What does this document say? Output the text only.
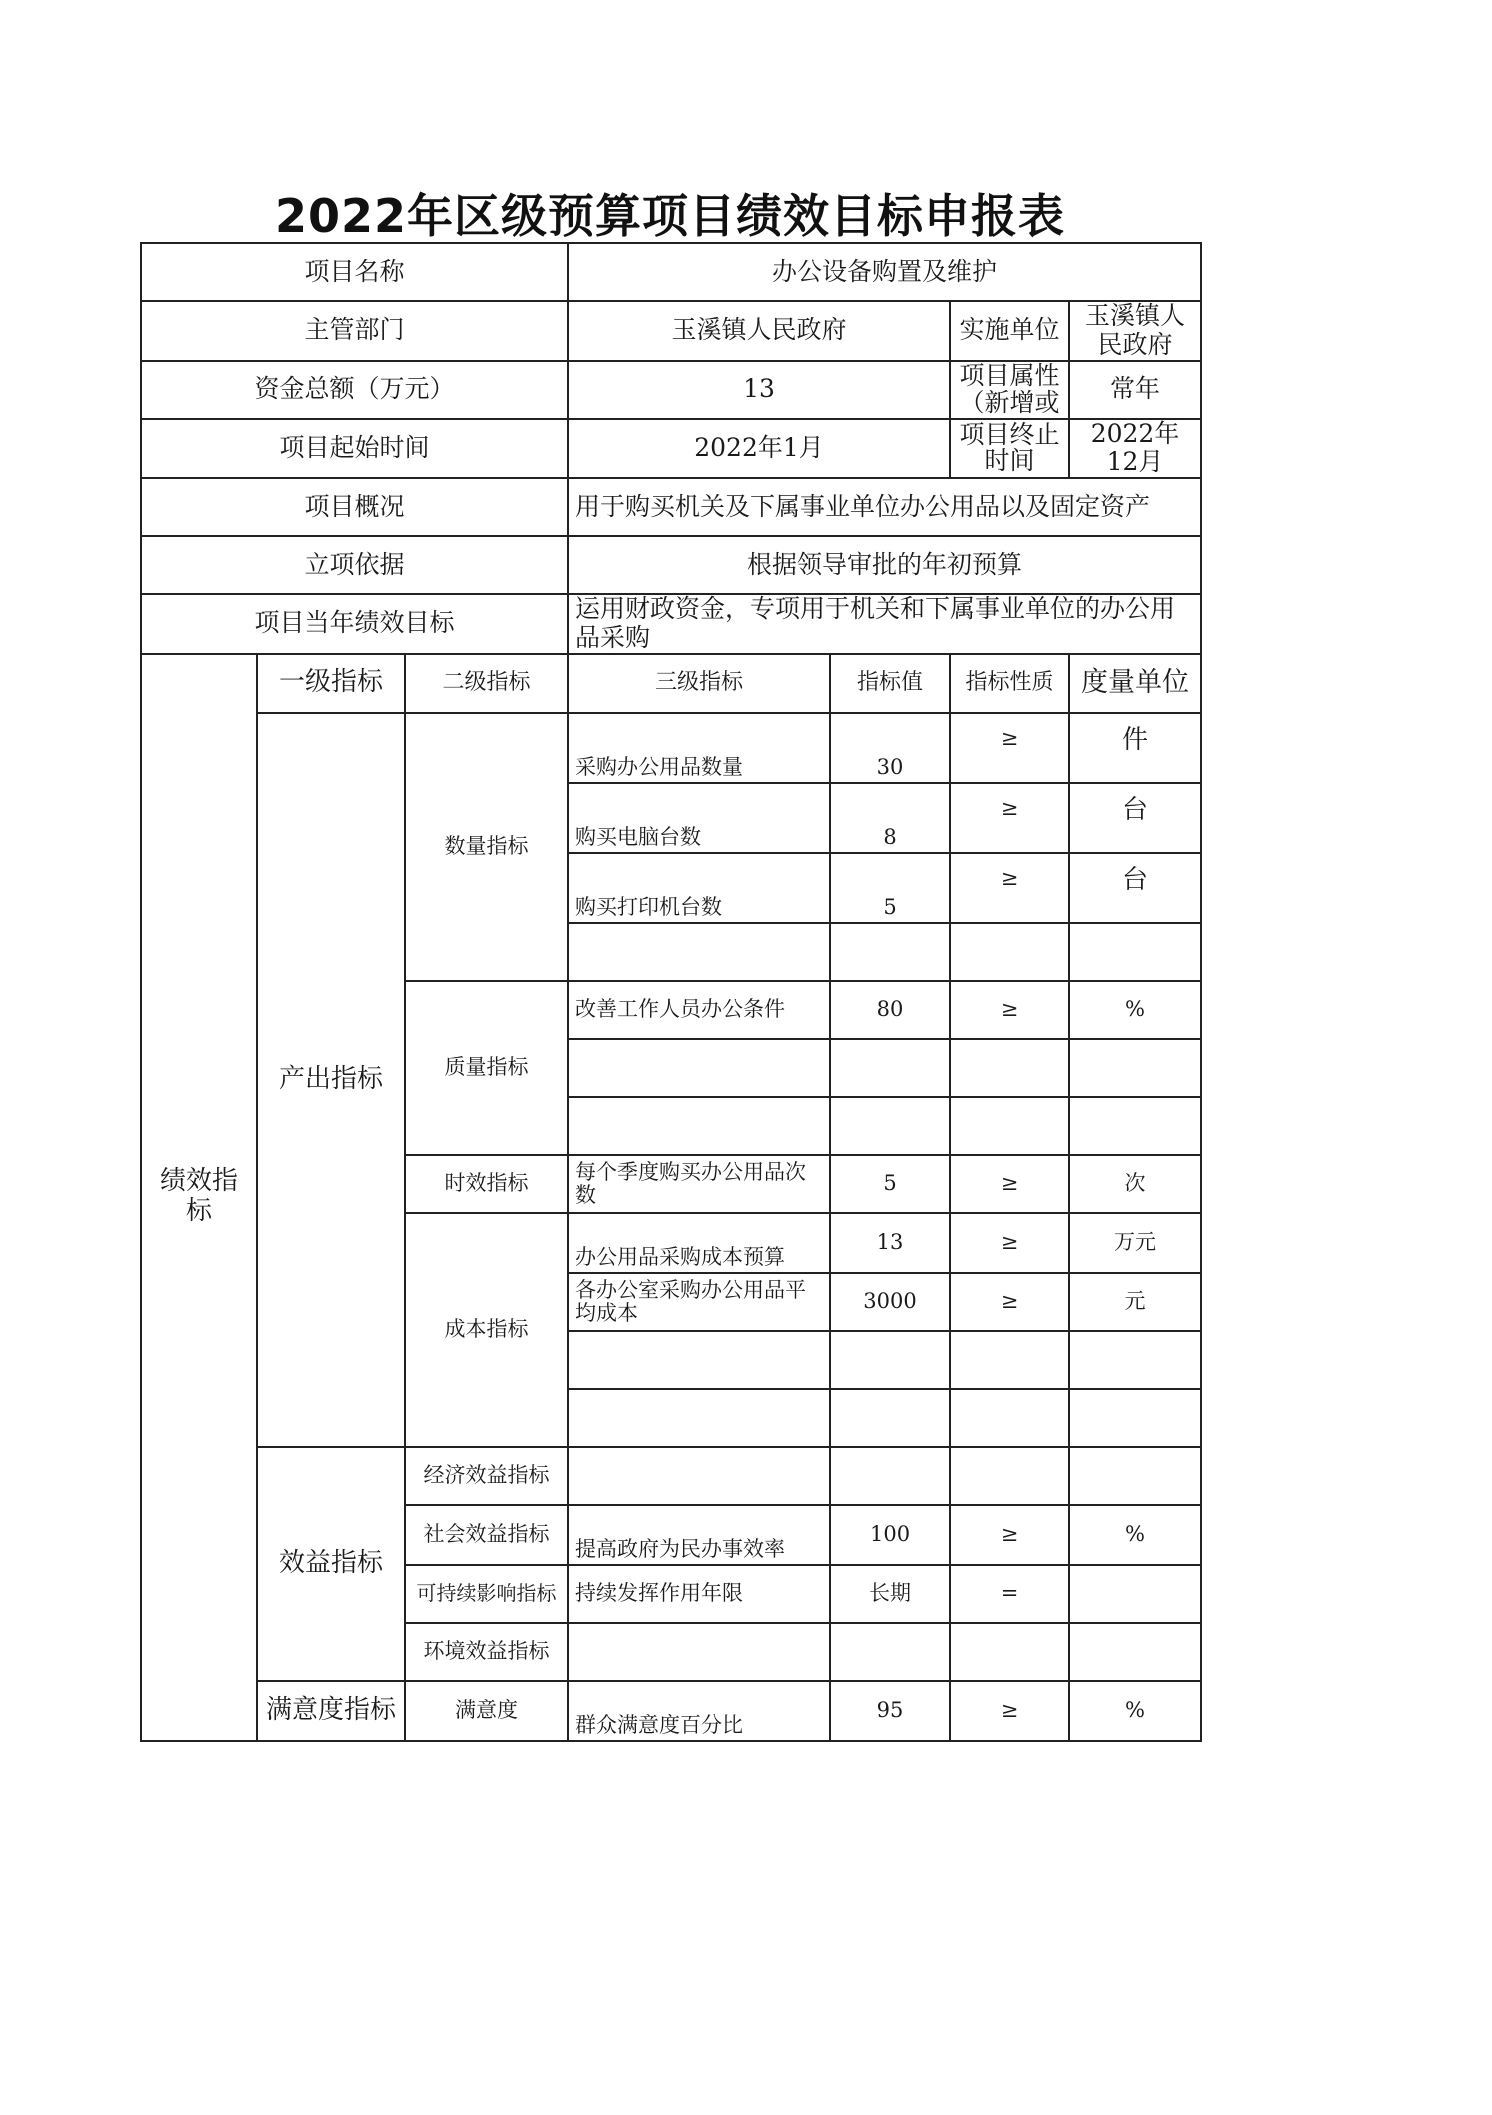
2022年区级预算项目绩效目标申报表
项目名称			办公设备购置及维护			
主管部门			玉溪镇人民政府		实施单位	玉溪镇人民政府
资金总额（万元）			13		项目属性（新增或	常年
项目起始时间			2022年1月		项目终止时间	2022年12月
项目概况			用于购买机关及下属事业单位办公用品以及固定资产			
立项依据			根据领导审批的年初预算			
项目当年绩效目标			运用财政资金，专项用于机关和下属事业单位的办公用品采购			
绩效指标	一级指标	二级指标	三级指标	指标值	指标性质	度量单位
	产出指标	数量指标	采购办公用品数量	30	≥	件
			购买电脑台数	8	≥	台
			购买打印机台数	5	≥	台

		质量指标	改善工作人员办公条件	80	≥	%

		时效指标	每个季度购买办公用品次数	5	≥	次
		成本指标	办公用品采购成本预算	13	≥	万元
			各办公室采购办公用品平均成本	3000	≥	元

	效益指标	经济效益指标				
		社会效益指标	提高政府为民办事效率	100	≥	%
		可持续影响指标	持续发挥作用年限	长期	=	
		环境效益指标				
	满意度指标	满意度	群众满意度百分比	95	≥	%
